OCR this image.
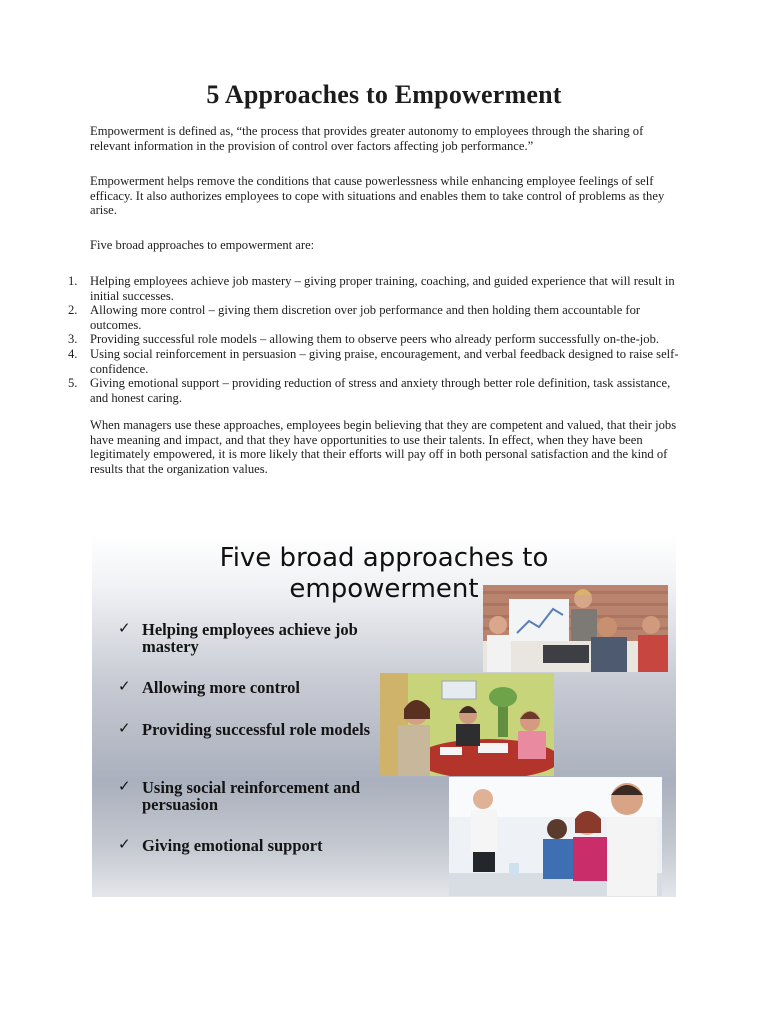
5 Approaches to Empowerment

Empowerment is defined as, “the process that provides greater autonomy to employees through the sharing of relevant information in the provision of control over factors affecting job performance.”

Empowerment helps remove the conditions that cause powerlessness while enhancing employee feelings of self efficacy. It also authorizes employees to cope with situations and enables them to take control of problems as they arise.

Five broad approaches to empowerment are:

1. Helping employees achieve job mastery – giving proper training, coaching, and guided experience that will result in initial successes.
2. Allowing more control – giving them discretion over job performance and then holding them accountable for outcomes.
3. Providing successful role models – allowing them to observe peers who already perform successfully on-the-job.
4. Using social reinforcement in persuasion – giving praise, encouragement, and verbal feedback designed to raise self-confidence.
5. Giving emotional support – providing reduction of stress and anxiety through better role definition, task assistance, and honest caring.

When managers use these approaches, employees begin believing that they are competent and valued, that their jobs have meaning and impact, and that they have opportunities to use their talents. In effect, when they have been legitimately empowered, it is more likely that their efforts will pay off in both personal satisfaction and the kind of results that the organization values.

Five broad approaches to
empowerment
✓ Helping employees achieve job mastery
✓ Allowing more control
✓ Providing successful role models
✓ Using social reinforcement and persuasion
✓ Giving emotional support
